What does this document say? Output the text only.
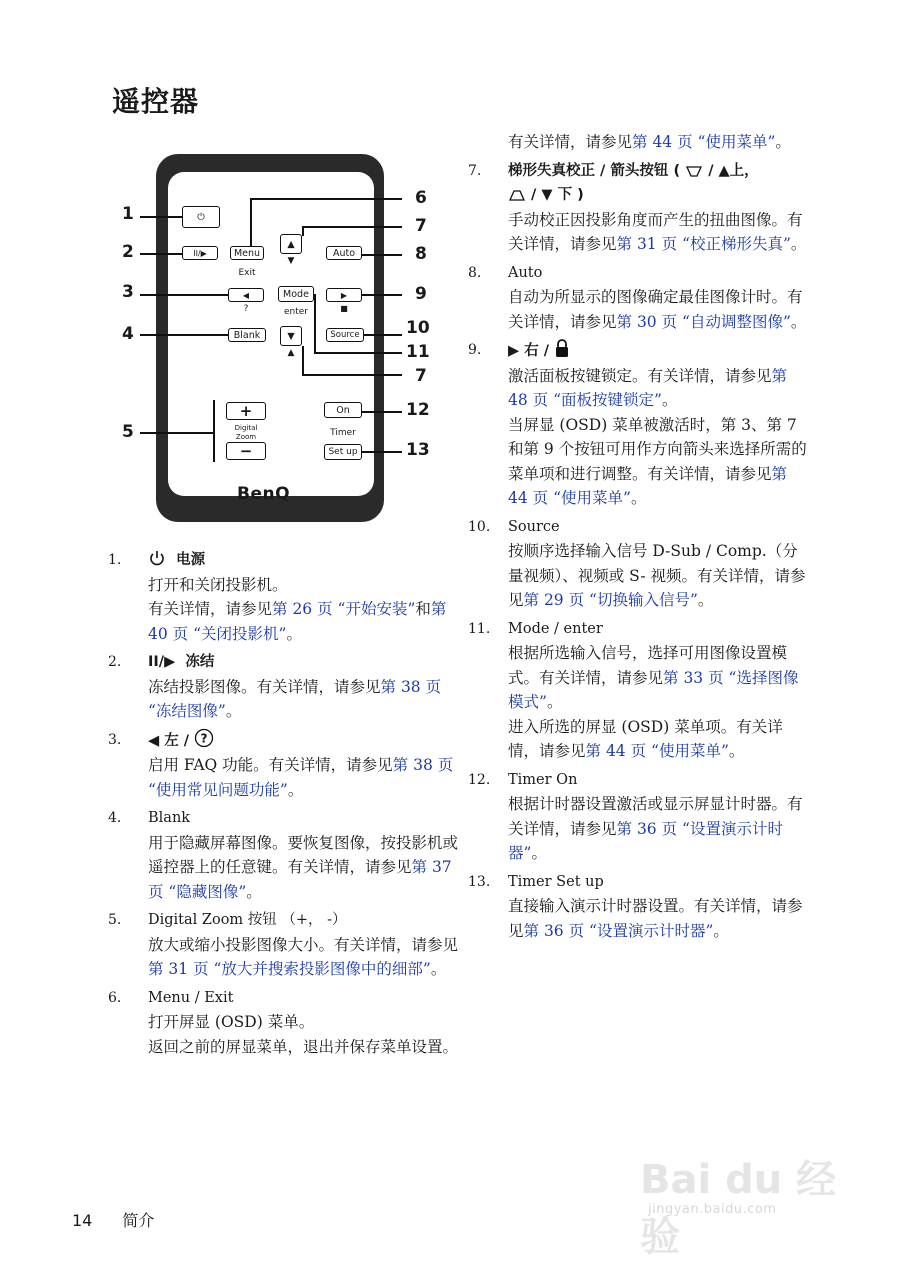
遥控器
⏻
II/▶	Menu
▲
▼
Auto
Exit
◀	Mode	▶
?	enter	■
Blank	▼
▲
Source
+
Digital
Zoom
−
On
Timer
Set up
BenQ
1
2
3
4
5
6
7
8
9
10
11
7
12
13
1.	电源

打开和关闭投影机。

有关详情，请参见第 26 页 “开始安装”和第 40 页 “关闭投影机”。

2. II/▶ 冻结

冻结投影图像。有关详情，请参见第 38 页 “冻结图像”。

3. ◀ 左 / ?

启用 FAQ 功能。有关详情，请参见第 38 页 “使用常见问题功能”。

4. Blank

用于隐藏屏幕图像。要恢复图像，按投影机或遥控器上的任意键。有关详情，请参见第 37 页 “隐藏图像”。

5. Digital Zoom 按钮 （+， -）

放大或缩小投影图像大小。有关详情，请参见第 31 页 “放大并搜索投影图像中的细部”。

6. Menu / Exit

打开屏显 (OSD) 菜单。

返回之前的屏显菜单，退出并保存菜单设置。

有关详情，请参见第 44 页 “使用菜单”。

7. 梯形失真校正 / 箭头按钮 (  / ▲上，
/ ▼ 下 )

手动校正因投影角度而产生的扭曲图像。有关详情，请参见第 31 页 “校正梯形失真”。

8. Auto

自动为所显示的图像确定最佳图像计时。有关详情，请参见第 30 页 “自动调整图像”。

9. ▶ 右 /

激活面板按键锁定。有关详情，请参见第 48 页 “面板按键锁定”。

当屏显 (OSD) 菜单被激活时，第 3、第 7 和第 9 个按钮可用作方向箭头来选择所需的菜单项和进行调整。有关详情，请参见第 44 页 “使用菜单”。

10. Source

按顺序选择输入信号 D-Sub / Comp.（分量视频）、视频或 S- 视频。有关详情，请参见第 29 页 “切换输入信号”。

11. Mode / enter

根据所选输入信号，选择可用图像设置模式。有关详情，请参见第 33 页 “选择图像模式”。

进入所选的屏显 (OSD) 菜单项。有关详情，请参见第 44 页 “使用菜单”。

12. Timer On

根据计时器设置激活或显示屏显计时器。有关详情，请参见第 36 页 “设置演示计时器”。

13. Timer Set up

直接输入演示计时器设置。有关详情，请参见第 36 页 “设置演示计时器”。

14 简介
Bai du 经验
jingyan.baidu.com
